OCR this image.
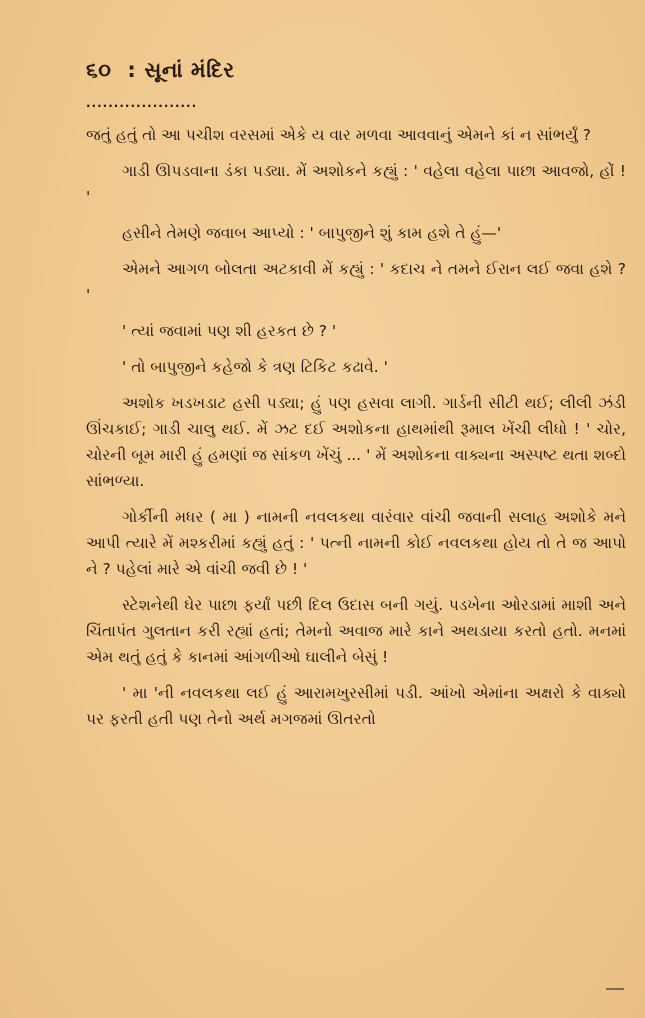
૬૦ : સૂનાં મંદિર
....................

જતું હતું તો આ પચીશ વરસમાં એકે ય વાર મળવા આવવાનું એમને કાં ન સાંભર્યું ?

ગાડી ઊપડવાના ડંકા પડ્યા. મેં અશોકને કહ્યું : ' વહેલા વહેલા પાછા આવજો, હોં ! '

હસીને તેમણે જવાબ આપ્યો : ' બાપુજીને શું કામ હશે તે હું—'

એમને આગળ બોલતા અટકાવી મેં કહ્યું : ' કદાચ ને તમને ઈરાન લઈ જવા હશે ? '

' ત્યાં જવામાં પણ શી હરકત છે ? '

' તો બાપુજીને કહેજો કે ત્રણ ટિકિટ કઢાવે. '

અશોક ખડખડાટ હસી પડ્યા; હું પણ હસવા લાગી. ગાર્ડની સીટી થઈ; લીલી ઝંડી ઊંચકાઈ; ગાડી ચાલુ થઈ. મેં ઝટ દઈ અશોકના હાથમાંથી રૂમાલ ખેંચી લીધો ! ' ચોર, ચોરની બૂમ મારી હું હમણાં જ સાંકળ ખેંચું ... ' મેં અશોકના વાક્યના અસ્પષ્ટ થતા શબ્દો સાંભળ્યા.

ગોર્કીની મધર ( મા ) નામની નવલકથા વારંવાર વાંચી જવાની સલાહ અશોકે મને આપી ત્યારે મેં મશ્કરીમાં કહ્યું હતું : ' પત્ની નામની કોઈ નવલકથા હોય તો તે જ આપો ને ? પહેલાં મારે એ વાંચી જવી છે ! '

સ્ટેશનેથી ઘેર પાછા ફર્યાં પછી દિલ ઉદાસ બની ગયું. પડખેના ઓરડામાં માશી અને ચિંતાપંત ગુલતાન કરી રહ્યાં હતાં; તેમનો અવાજ મારે કાને અથડાયા કરતો હતો. મનમાં એમ થતું હતું કે કાનમાં આંગળીઓ ઘાલીને બેસું !

' મા 'ની નવલકથા લઈ હું આરામખુરસીમાં પડી. આંખો એમાંના અક્ષરો કે વાક્યો પર ફરતી હતી પણ તેનો અર્થ મગજમાં ઊતરતો
